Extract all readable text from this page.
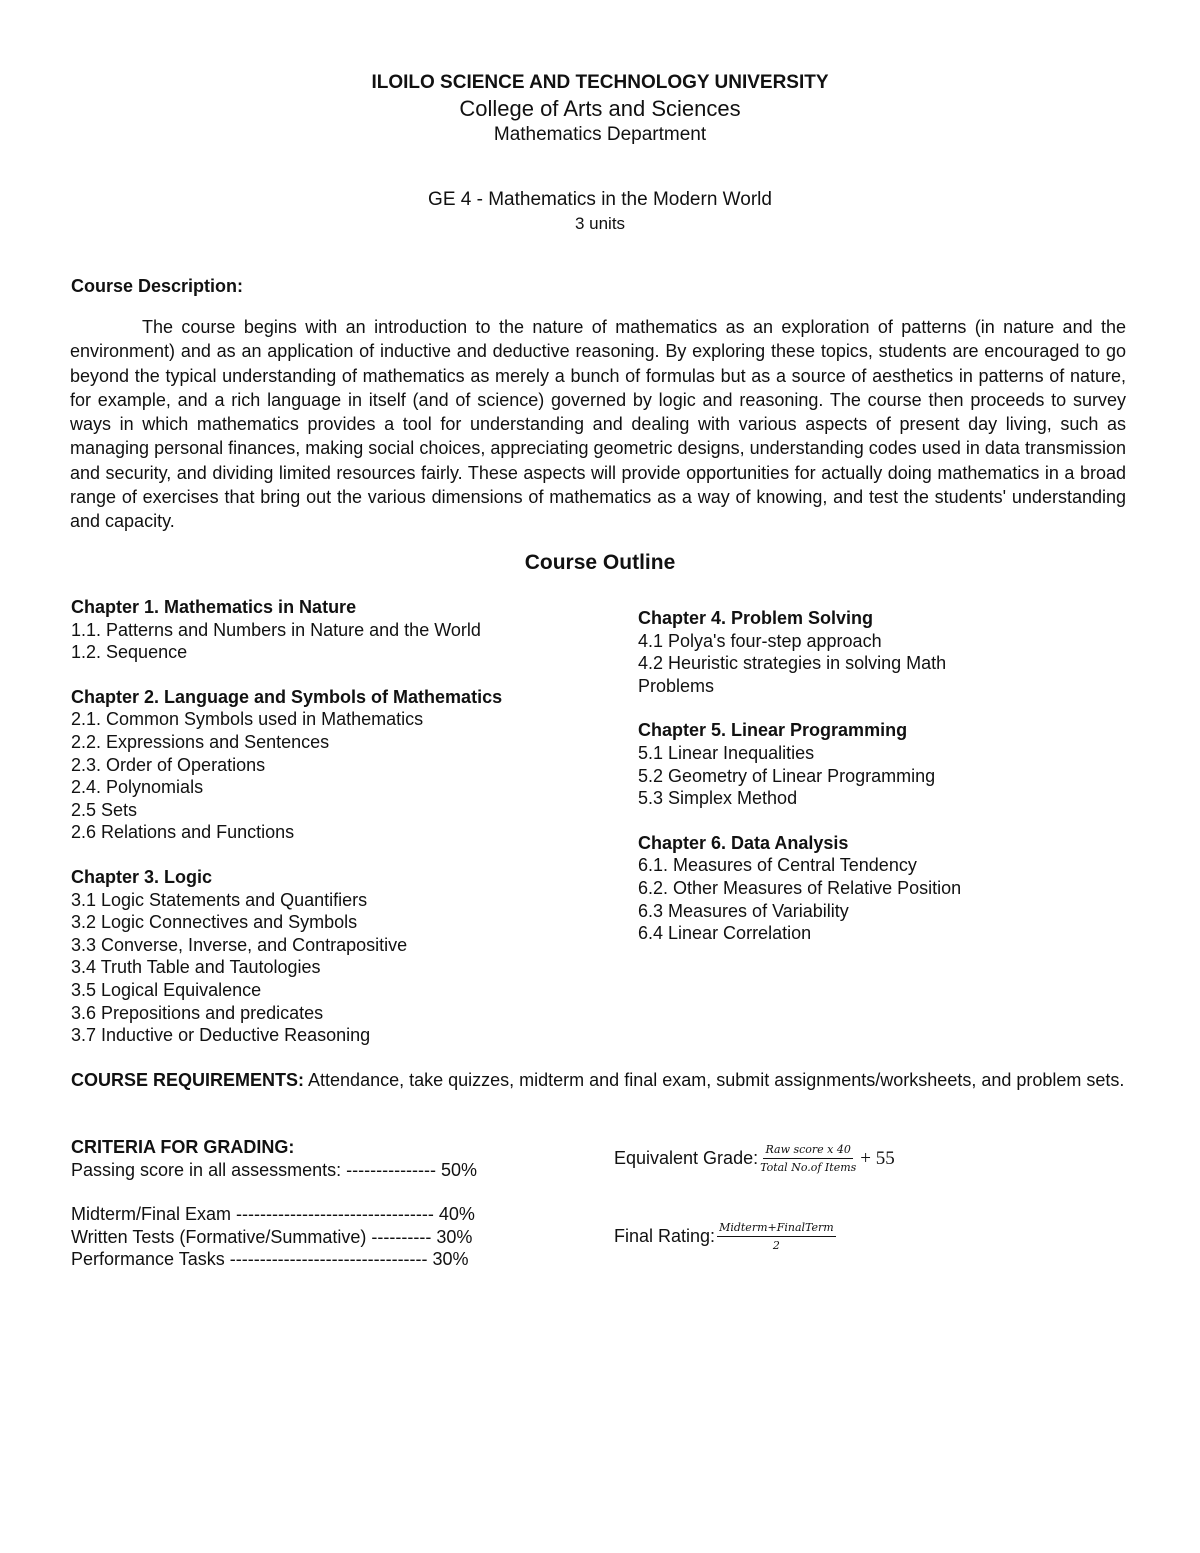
ILOILO SCIENCE AND TECHNOLOGY UNIVERSITY
College of Arts and Sciences
Mathematics Department
GE 4 - Mathematics in the Modern World
3 units
Course Description:

The course begins with an introduction to the nature of mathematics as an exploration of patterns (in nature and the environment) and as an application of inductive and deductive reasoning. By exploring these topics, students are encouraged to go beyond the typical understanding of mathematics as merely a bunch of formulas but as a source of aesthetics in patterns of nature, for example, and a rich language in itself (and of science) governed by logic and reasoning. The course then proceeds to survey ways in which mathematics provides a tool for understanding and dealing with various aspects of present day living, such as managing personal finances, making social choices, appreciating geometric designs, understanding codes used in data transmission and security, and dividing limited resources fairly. These aspects will provide opportunities for actually doing mathematics in a broad range of exercises that bring out the various dimensions of mathematics as a way of knowing, and test the students' understanding and capacity.

Course Outline
Chapter 1. Mathematics in Nature
1.1. Patterns and Numbers in Nature and the World
1.2. Sequence
Chapter 2. Language and Symbols of Mathematics
2.1. Common Symbols used in Mathematics
2.2. Expressions and Sentences
2.3. Order of Operations
2.4. Polynomials
2.5 Sets
2.6 Relations and Functions
Chapter 3. Logic
3.1 Logic Statements and Quantifiers
3.2 Logic Connectives and Symbols
3.3 Converse, Inverse, and Contrapositive
3.4 Truth Table and Tautologies
3.5 Logical Equivalence
3.6 Prepositions and predicates
3.7 Inductive or Deductive Reasoning
Chapter 4. Problem Solving
4.1 Polya's four-step approach
4.2 Heuristic strategies in solving Math Problems
Chapter 5. Linear Programming
5.1 Linear Inequalities
5.2 Geometry of Linear Programming
5.3 Simplex Method
Chapter 6. Data Analysis
6.1. Measures of Central Tendency
6.2. Other Measures of Relative Position
6.3 Measures of Variability
6.4 Linear Correlation
COURSE REQUIREMENTS: Attendance, take quizzes, midterm and final exam, submit assignments/worksheets, and problem sets.
CRITERIA FOR GRADING:
Passing score in all assessments: --------------- 50%
Midterm/Final Exam --------------------------------- 40%
Written Tests (Formative/Summative) ---------- 30%
Performance Tasks --------------------------------- 30%
Equivalent Grade: $\frac{\text{Raw score x 40}}{\text{Total No.of Items}} + 55$
Final Rating: $\frac{\text{Midterm+FinalTerm}}{2}$
